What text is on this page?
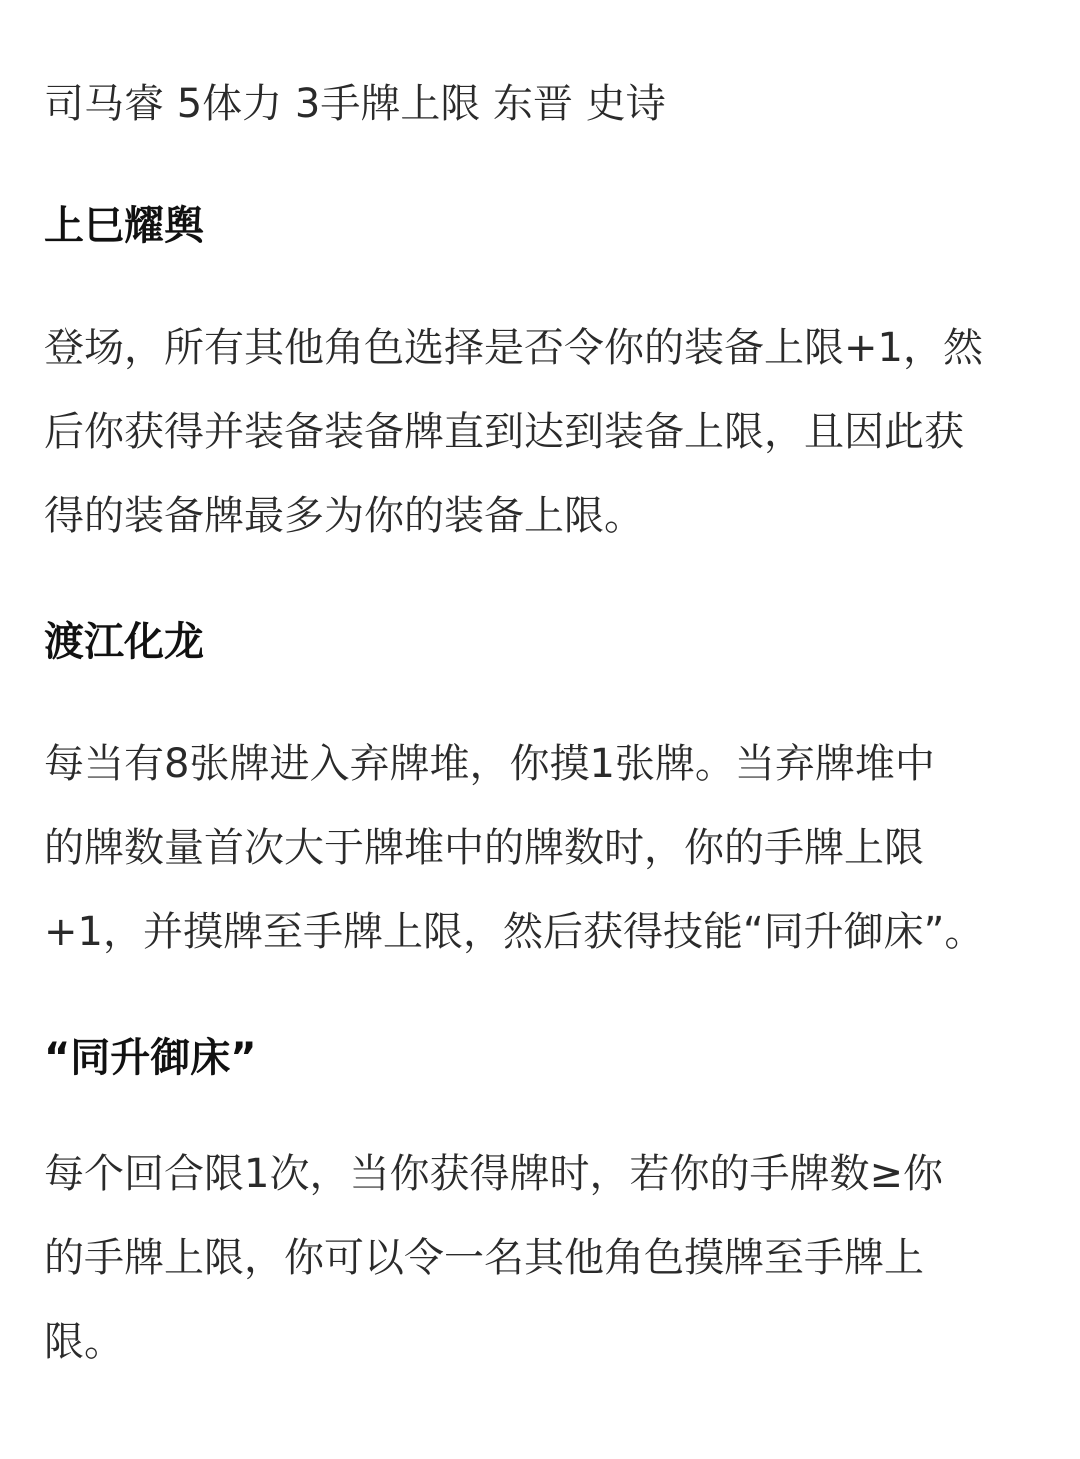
司马睿 5体力 3手牌上限 东晋 史诗
上巳耀舆
登场，所有其他角色选择是否令你的装备上限+1，然
后你获得并装备装备牌直到达到装备上限，且因此获
得的装备牌最多为你的装备上限。
渡江化龙
每当有8张牌进入弃牌堆，你摸1张牌。当弃牌堆中
的牌数量首次大于牌堆中的牌数时，你的手牌上限
+1，并摸牌至手牌上限，然后获得技能“同升御床”。
“同升御床”
每个回合限1次，当你获得牌时，若你的手牌数≥你
的手牌上限，你可以令一名其他角色摸牌至手牌上
限。
